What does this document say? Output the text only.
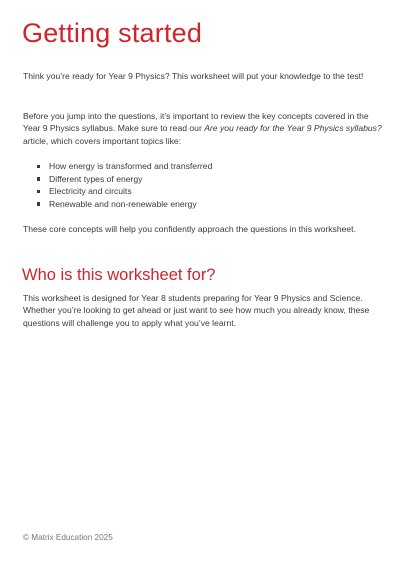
Getting started

Think you’re ready for Year 9 Physics? This worksheet will put your knowledge to the test!

Before you jump into the questions, it’s important to review the key concepts covered in the Year 9 Physics syllabus. Make sure to read our Are you ready for the Year 9 Physics syllabus? article, which covers important topics like:

How energy is transformed and transferred
Different types of energy
Electricity and circuits
Renewable and non-renewable energy

These core concepts will help you confidently approach the questions in this worksheet.

Who is this worksheet for?

This worksheet is designed for Year 8 students preparing for Year 9 Physics and Science. Whether you’re looking to get ahead or just want to see how much you already know, these questions will challenge you to apply what you’ve learnt.

© Matrix Education 2025
